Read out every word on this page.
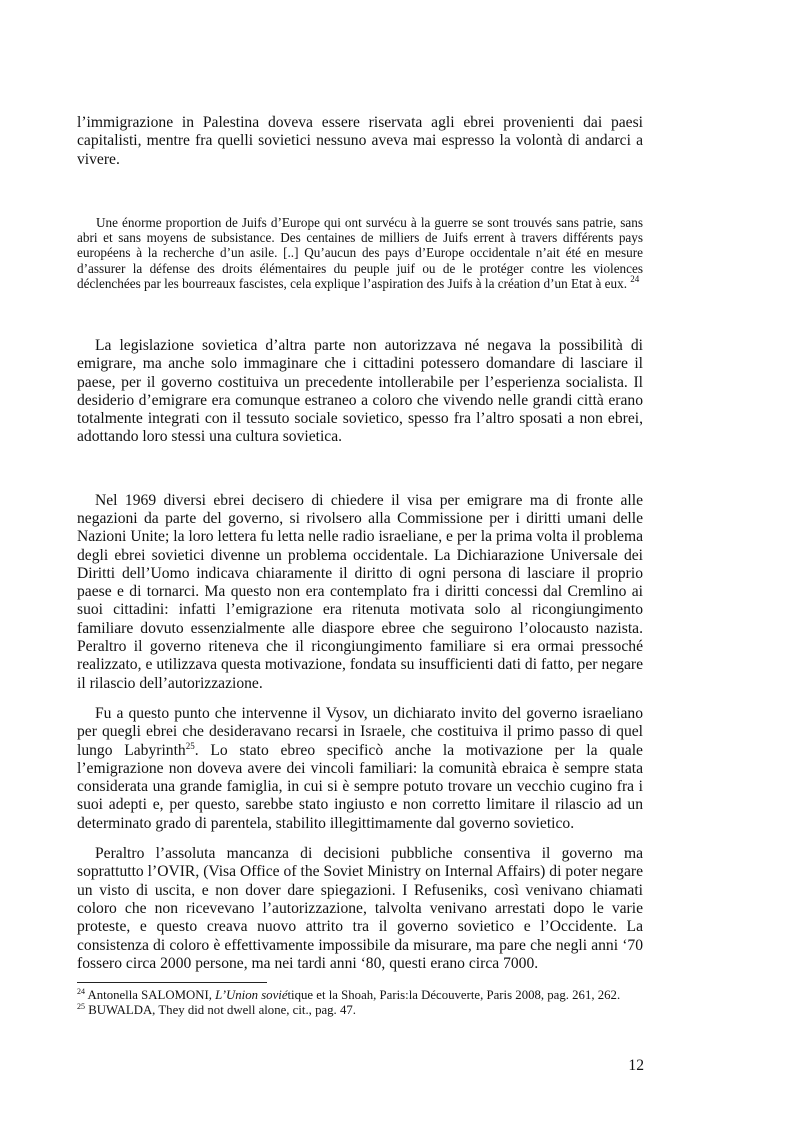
l’immigrazione in Palestina doveva essere riservata agli ebrei provenienti dai paesi capitalisti, mentre fra quelli sovietici nessuno aveva mai espresso la volontà di andarci a vivere.

Une énorme proportion de Juifs d’Europe qui ont survécu à la guerre se sont trouvés sans patrie, sans abri et sans moyens de subsistance. Des centaines de milliers de Juifs errent à travers différents pays européens à la recherche d’un asile. [..] Qu’aucun des pays d’Europe occidentale n’ait été en mesure d’assurer la défense des droits élémentaires du peuple juif ou de le protéger contre les violences déclenchées par les bourreaux fascistes, cela explique l’aspiration des Juifs à la création d’un Etat à eux. $^{24}$

La legislazione sovietica d’altra parte non autorizzava né negava la possibilità di emigrare, ma anche solo immaginare che i cittadini potessero domandare di lasciare il paese, per il governo costituiva un precedente intollerabile per l’esperienza socialista. Il desiderio d’emigrare era comunque estraneo a coloro che vivendo nelle grandi città erano totalmente integrati con il tessuto sociale sovietico, spesso fra l’altro sposati a non ebrei, adottando loro stessi una cultura sovietica.

Nel 1969 diversi ebrei decisero di chiedere il visa per emigrare ma di fronte alle negazioni da parte del governo, si rivolsero alla Commissione per i diritti umani delle Nazioni Unite; la loro lettera fu letta nelle radio israeliane, e per la prima volta il problema degli ebrei sovietici divenne un problema occidentale. La Dichiarazione Universale dei Diritti dell’Uomo indicava chiaramente il diritto di ogni persona di lasciare il proprio paese e di tornarci. Ma questo non era contemplato fra i diritti concessi dal Cremlino ai suoi cittadini: infatti l’emigrazione era ritenuta motivata solo al ricongiungimento familiare dovuto essenzialmente alle diaspore ebree che seguirono l’olocausto nazista. Peraltro il governo riteneva che il ricongiungimento familiare si era ormai pressoché realizzato, e utilizzava questa motivazione, fondata su insufficienti dati di fatto, per negare il rilascio dell’autorizzazione.

Fu a questo punto che intervenne il Vysov, un dichiarato invito del governo israeliano per quegli ebrei che desideravano recarsi in Israele, che costituiva il primo passo di quel lungo Labyrinth$^{25}$. Lo stato ebreo specificò anche la motivazione per la quale l’emigrazione non doveva avere dei vincoli familiari: la comunità ebraica è sempre stata considerata una grande famiglia, in cui si è sempre potuto trovare un vecchio cugino fra i suoi adepti e, per questo, sarebbe stato ingiusto e non corretto limitare il rilascio ad un determinato grado di parentela, stabilito illegittimamente dal governo sovietico.

Peraltro l’assoluta mancanza di decisioni pubbliche consentiva il governo ma soprattutto l’OVIR, (Visa Office of the Soviet Ministry on Internal Affairs) di poter negare un visto di uscita, e non dover dare spiegazioni. I Refuseniks, così venivano chiamati coloro che non ricevevano l’autorizzazione, talvolta venivano arrestati dopo le varie proteste, e questo creava nuovo attrito tra il governo sovietico e l’Occidente. La consistenza di coloro è effettivamente impossibile da misurare, ma pare che negli anni ‘70 fossero circa 2000 persone, ma nei tardi anni ‘80, questi erano circa 7000.

$^{24}$ Antonella SALOMONI, L’Union soviétique et la Shoah, Paris:la Découverte, Paris 2008, pag. 261, 262.

$^{25}$ BUWALDA, They did not dwell alone, cit., pag. 47.

12
